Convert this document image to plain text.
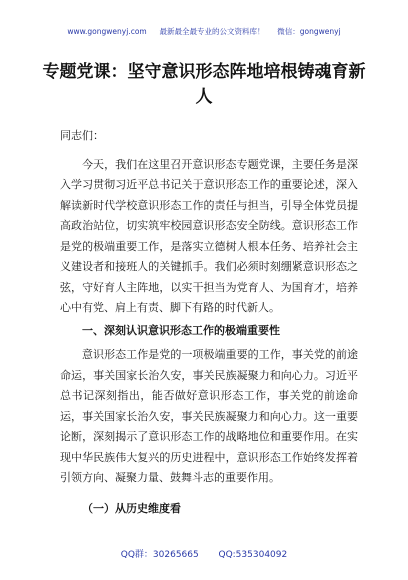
www.gongwenyj.com 最新最全最专业的公文资料库！ 微信：gongwenyj
专题党课：坚守意识形态阵地培根铸魂育新人

同志们：

今天，我们在这里召开意识形态专题党课，主要任务是深入学习贯彻习近平总书记关于意识形态工作的重要论述，深入解读新时代学校意识形态工作的责任与担当，引导全体党员提高政治站位，切实筑牢校园意识形态安全防线。意识形态工作是党的极端重要工作，是落实立德树人根本任务、培养社会主义建设者和接班人的关键抓手。我们必须时刻绷紧意识形态之弦，守好育人主阵地，以实干担当为党育人、为国育才，培养心中有党、肩上有责、脚下有路的时代新人。

一、深刻认识意识形态工作的极端重要性

意识形态工作是党的一项极端重要的工作，事关党的前途命运，事关国家长治久安，事关民族凝聚力和向心力。习近平总书记深刻指出，能否做好意识形态工作，事关党的前途命运，事关国家长治久安，事关民族凝聚力和向心力。这一重要论断，深刻揭示了意识形态工作的战略地位和重要作用。在实现中华民族伟大复兴的历史进程中，意识形态工作始终发挥着引领方向、凝聚力量、鼓舞斗志的重要作用。

（一）从历史维度看

QQ群：30265665 QQ:535304092
